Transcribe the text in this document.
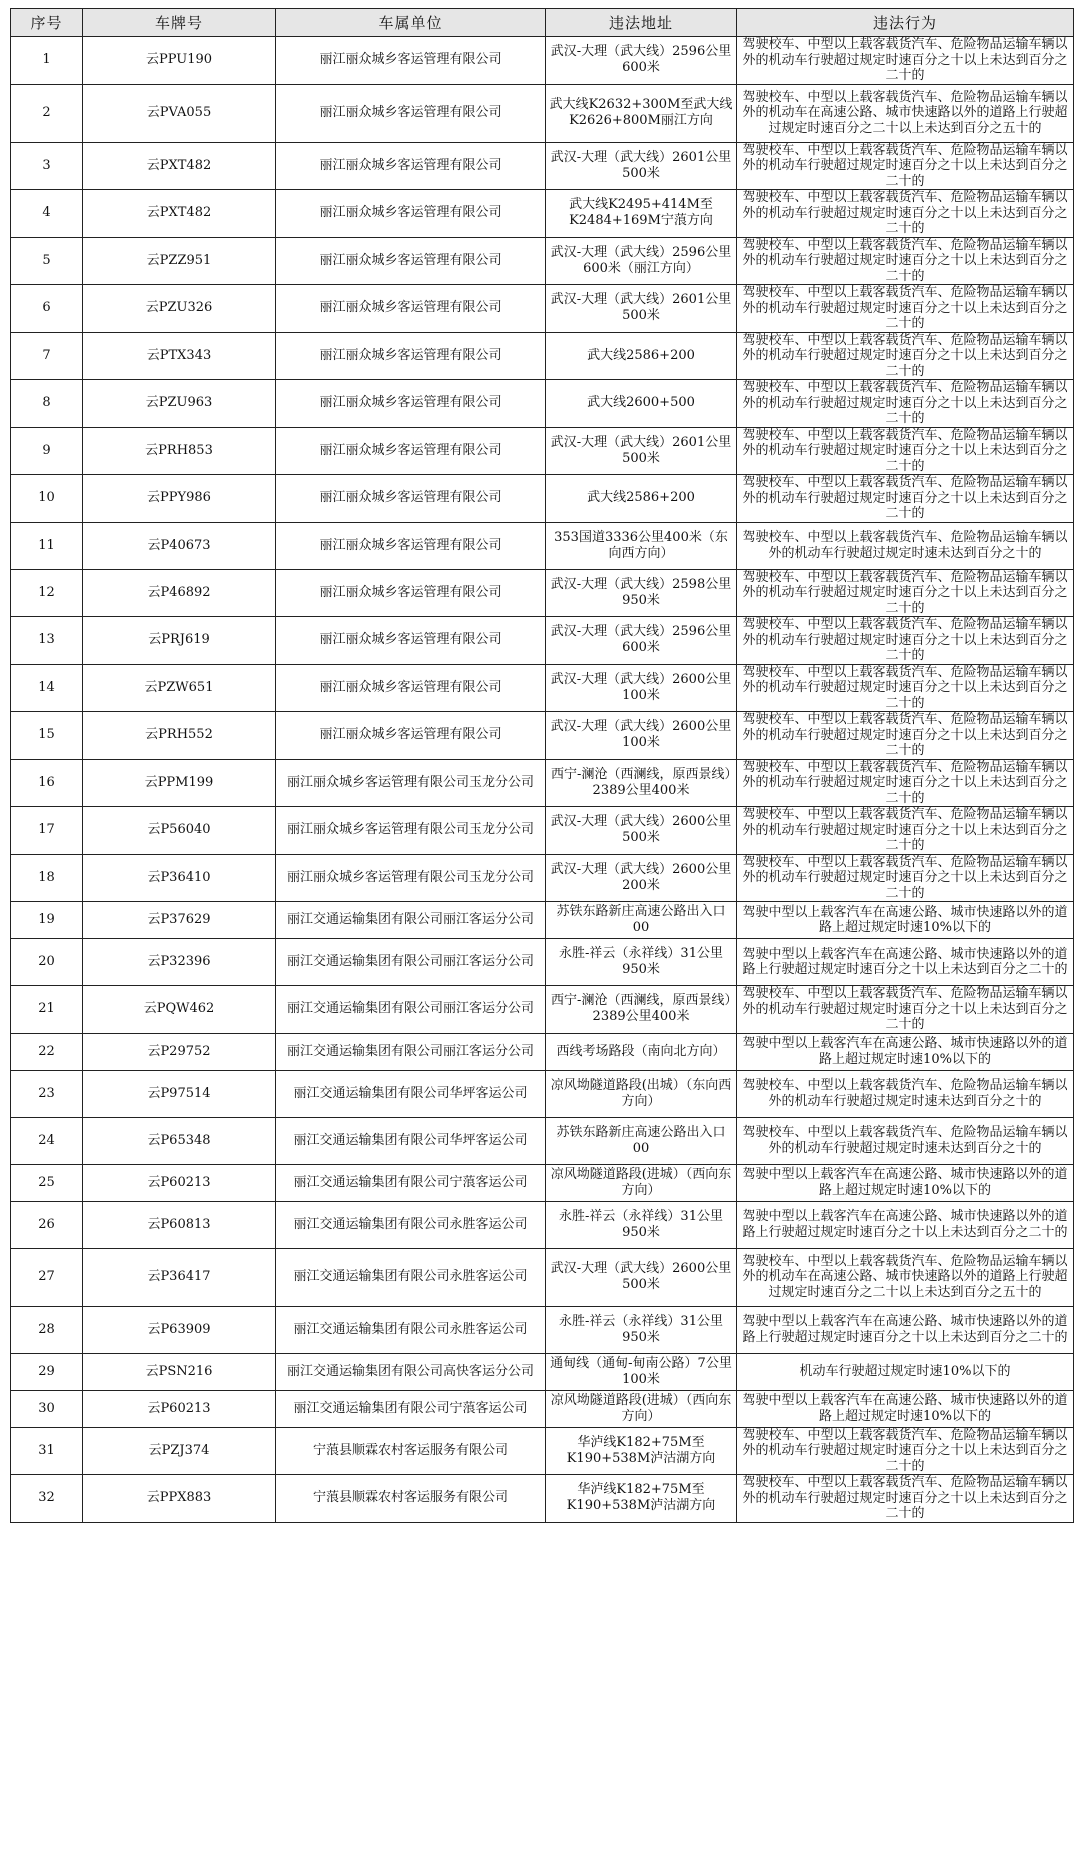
序号	车牌号	车属单位	违法地址	违法行为
1	云PPU190	丽江丽众城乡客运管理有限公司	武汉-大理（武大线）2596公里600米	驾驶校车、中型以上载客载货汽车、危险物品运输车辆以外的机动车行驶超过规定时速百分之十以上未达到百分之二十的
2	云PVA055	丽江丽众城乡客运管理有限公司	武大线K2632+300M至武大线K2626+800M丽江方向	驾驶校车、中型以上载客载货汽车、危险物品运输车辆以外的机动车在高速公路、城市快速路以外的道路上行驶超过规定时速百分之二十以上未达到百分之五十的
3	云PXT482	丽江丽众城乡客运管理有限公司	武汉-大理（武大线）2601公里500米	驾驶校车、中型以上载客载货汽车、危险物品运输车辆以外的机动车行驶超过规定时速百分之十以上未达到百分之二十的
4	云PXT482	丽江丽众城乡客运管理有限公司	武大线K2495+414M至K2484+169M宁蒗方向	驾驶校车、中型以上载客载货汽车、危险物品运输车辆以外的机动车行驶超过规定时速百分之十以上未达到百分之二十的
5	云PZZ951	丽江丽众城乡客运管理有限公司	武汉-大理（武大线）2596公里600米（丽江方向）	驾驶校车、中型以上载客载货汽车、危险物品运输车辆以外的机动车行驶超过规定时速百分之十以上未达到百分之二十的
6	云PZU326	丽江丽众城乡客运管理有限公司	武汉-大理（武大线）2601公里500米	驾驶校车、中型以上载客载货汽车、危险物品运输车辆以外的机动车行驶超过规定时速百分之十以上未达到百分之二十的
7	云PTX343	丽江丽众城乡客运管理有限公司	武大线2586+200	驾驶校车、中型以上载客载货汽车、危险物品运输车辆以外的机动车行驶超过规定时速百分之十以上未达到百分之二十的
8	云PZU963	丽江丽众城乡客运管理有限公司	武大线2600+500	驾驶校车、中型以上载客载货汽车、危险物品运输车辆以外的机动车行驶超过规定时速百分之十以上未达到百分之二十的
9	云PRH853	丽江丽众城乡客运管理有限公司	武汉-大理（武大线）2601公里500米	驾驶校车、中型以上载客载货汽车、危险物品运输车辆以外的机动车行驶超过规定时速百分之十以上未达到百分之二十的
10	云PPY986	丽江丽众城乡客运管理有限公司	武大线2586+200	驾驶校车、中型以上载客载货汽车、危险物品运输车辆以外的机动车行驶超过规定时速百分之十以上未达到百分之二十的
11	云P40673	丽江丽众城乡客运管理有限公司	353国道3336公里400米（东向西方向）	驾驶校车、中型以上载客载货汽车、危险物品运输车辆以外的机动车行驶超过规定时速未达到百分之十的
12	云P46892	丽江丽众城乡客运管理有限公司	武汉-大理（武大线）2598公里950米	驾驶校车、中型以上载客载货汽车、危险物品运输车辆以外的机动车行驶超过规定时速百分之十以上未达到百分之二十的
13	云PRJ619	丽江丽众城乡客运管理有限公司	武汉-大理（武大线）2596公里600米	驾驶校车、中型以上载客载货汽车、危险物品运输车辆以外的机动车行驶超过规定时速百分之十以上未达到百分之二十的
14	云PZW651	丽江丽众城乡客运管理有限公司	武汉-大理（武大线）2600公里100米	驾驶校车、中型以上载客载货汽车、危险物品运输车辆以外的机动车行驶超过规定时速百分之十以上未达到百分之二十的
15	云PRH552	丽江丽众城乡客运管理有限公司	武汉-大理（武大线）2600公里100米	驾驶校车、中型以上载客载货汽车、危险物品运输车辆以外的机动车行驶超过规定时速百分之十以上未达到百分之二十的
16	云PPM199	丽江丽众城乡客运管理有限公司玉龙分公司	西宁-澜沧（西澜线，原西景线）2389公里400米	驾驶校车、中型以上载客载货汽车、危险物品运输车辆以外的机动车行驶超过规定时速百分之十以上未达到百分之二十的
17	云P56040	丽江丽众城乡客运管理有限公司玉龙分公司	武汉-大理（武大线）2600公里500米	驾驶校车、中型以上载客载货汽车、危险物品运输车辆以外的机动车行驶超过规定时速百分之十以上未达到百分之二十的
18	云P36410	丽江丽众城乡客运管理有限公司玉龙分公司	武汉-大理（武大线）2600公里200米	驾驶校车、中型以上载客载货汽车、危险物品运输车辆以外的机动车行驶超过规定时速百分之十以上未达到百分之二十的
19	云P37629	丽江交通运输集团有限公司丽江客运分公司	苏铁东路新庄高速公路出入口00	驾驶中型以上载客汽车在高速公路、城市快速路以外的道路上超过规定时速10%以下的
20	云P32396	丽江交通运输集团有限公司丽江客运分公司	永胜-祥云（永祥线）31公里950米	驾驶中型以上载客汽车在高速公路、城市快速路以外的道路上行驶超过规定时速百分之十以上未达到百分之二十的
21	云PQW462	丽江交通运输集团有限公司丽江客运分公司	西宁-澜沧（西澜线，原西景线）2389公里400米	驾驶校车、中型以上载客载货汽车、危险物品运输车辆以外的机动车行驶超过规定时速百分之十以上未达到百分之二十的
22	云P29752	丽江交通运输集团有限公司丽江客运分公司	西线考场路段（南向北方向）	驾驶中型以上载客汽车在高速公路、城市快速路以外的道路上超过规定时速10%以下的
23	云P97514	丽江交通运输集团有限公司华坪客运公司	凉风坳隧道路段(出城）（东向西方向）	驾驶校车、中型以上载客载货汽车、危险物品运输车辆以外的机动车行驶超过规定时速未达到百分之十的
24	云P65348	丽江交通运输集团有限公司华坪客运公司	苏铁东路新庄高速公路出入口00	驾驶校车、中型以上载客载货汽车、危险物品运输车辆以外的机动车行驶超过规定时速未达到百分之十的
25	云P60213	丽江交通运输集团有限公司宁蒗客运公司	凉风坳隧道路段(进城）（西向东方向）	驾驶中型以上载客汽车在高速公路、城市快速路以外的道路上超过规定时速10%以下的
26	云P60813	丽江交通运输集团有限公司永胜客运公司	永胜-祥云（永祥线）31公里950米	驾驶中型以上载客汽车在高速公路、城市快速路以外的道路上行驶超过规定时速百分之十以上未达到百分之二十的
27	云P36417	丽江交通运输集团有限公司永胜客运公司	武汉-大理（武大线）2600公里500米	驾驶校车、中型以上载客载货汽车、危险物品运输车辆以外的机动车在高速公路、城市快速路以外的道路上行驶超过规定时速百分之二十以上未达到百分之五十的
28	云P63909	丽江交通运输集团有限公司永胜客运公司	永胜-祥云（永祥线）31公里950米	驾驶中型以上载客汽车在高速公路、城市快速路以外的道路上行驶超过规定时速百分之十以上未达到百分之二十的
29	云PSN216	丽江交通运输集团有限公司高快客运分公司	通甸线（通甸-甸南公路）7公里100米	机动车行驶超过规定时速10%以下的
30	云P60213	丽江交通运输集团有限公司宁蒗客运公司	凉风坳隧道路段(进城）（西向东方向）	驾驶中型以上载客汽车在高速公路、城市快速路以外的道路上超过规定时速10%以下的
31	云PZJ374	宁蒗县顺霖农村客运服务有限公司	华泸线K182+75M至K190+538M泸沽湖方向	驾驶校车、中型以上载客载货汽车、危险物品运输车辆以外的机动车行驶超过规定时速百分之十以上未达到百分之二十的
32	云PPX883	宁蒗县顺霖农村客运服务有限公司	华泸线K182+75M至K190+538M泸沽湖方向	驾驶校车、中型以上载客载货汽车、危险物品运输车辆以外的机动车行驶超过规定时速百分之十以上未达到百分之二十的
